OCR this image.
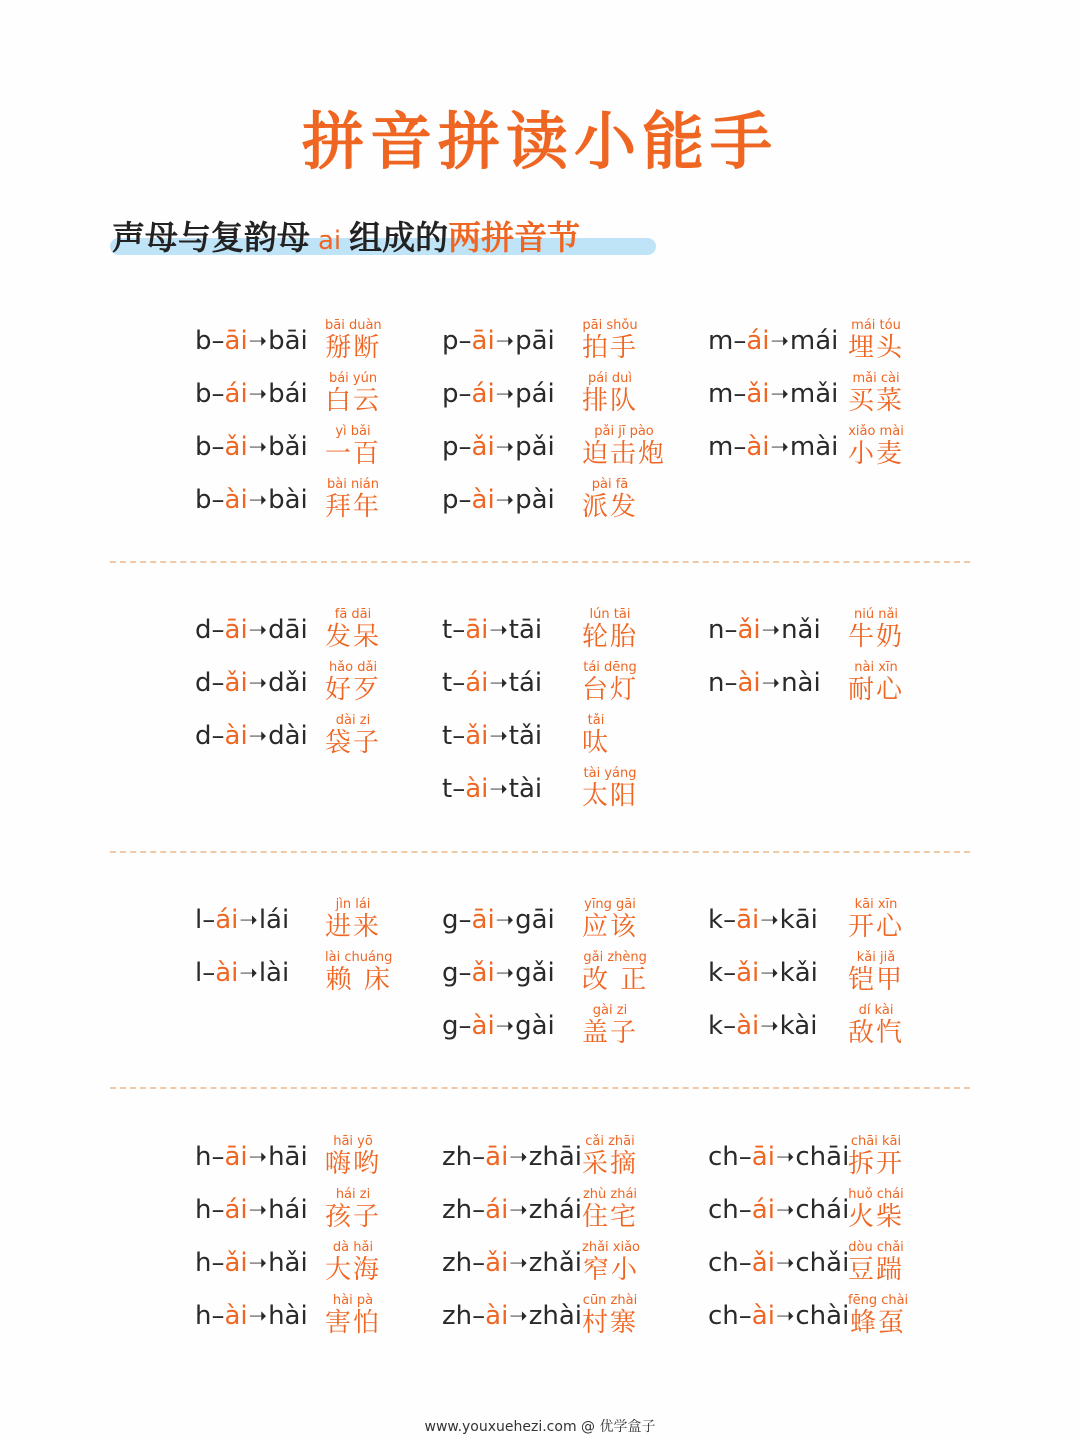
拼音拼读小能手
声母与复韵母 ai 组成的两拼音节
b–āi➝bāi
bāi duàn
掰断
b–ái➝bái
bái yún
白云
b–ǎi➝bǎi
yì bǎi
一百
b–ài➝bài
bài nián
拜年
p–āi➝pāi
pāi shǒu
拍手
p–ái➝pái
pái duì
排队
p–ǎi➝pǎi
pǎi jī pào
迫击炮
p–ài➝pài
pài fā
派发
m–ái➝mái
mái tóu
埋头
m–ǎi➝mǎi
mǎi cài
买菜
m–ài➝mài
xiǎo mài
小麦
d–āi➝dāi
fā dāi
发呆
d–ǎi➝dǎi
hǎo dǎi
好歹
d–ài➝dài
dài zi
袋子
t–āi➝tāi
lún tāi
轮胎
t–ái➝tái
tái dēng
台灯
t–ǎi➝tǎi
tǎi
呔
t–ài➝tài
tài yáng
太阳
n–ǎi➝nǎi
niú nǎi
牛奶
n–ài➝nài
nài xīn
耐心
l–ái➝lái
jìn lái
进来
l–ài➝lài
lài chuáng
赖 床
g–āi➝gāi
yīng gāi
应该
g–ǎi➝gǎi
gǎi zhèng
改 正
g–ài➝gài
gài zi
盖子
k–āi➝kāi
kāi xīn
开心
k–ǎi➝kǎi
kǎi jiǎ
铠甲
k–ài➝kài
dí kài
敌忾
h–āi➝hāi
hāi yō
嗨哟
h–ái➝hái
hái zi
孩子
h–ǎi➝hǎi
dà hǎi
大海
h–ài➝hài
hài pà
害怕
zh–āi➝zhāi
cǎi zhāi
采摘
zh–ái➝zhái
zhù zhái
住宅
zh–ǎi➝zhǎi
zhǎi xiǎo
窄小
zh–ài➝zhài
cūn zhài
村寨
ch–āi➝chāi
chāi kāi
拆开
ch–ái➝chái
huǒ chái
火柴
ch–ǎi➝chǎi
dòu chǎi
豆踹
ch–ài➝chài
fēng chài
蜂虿
www.youxuehezi.com @ 优学盒子
